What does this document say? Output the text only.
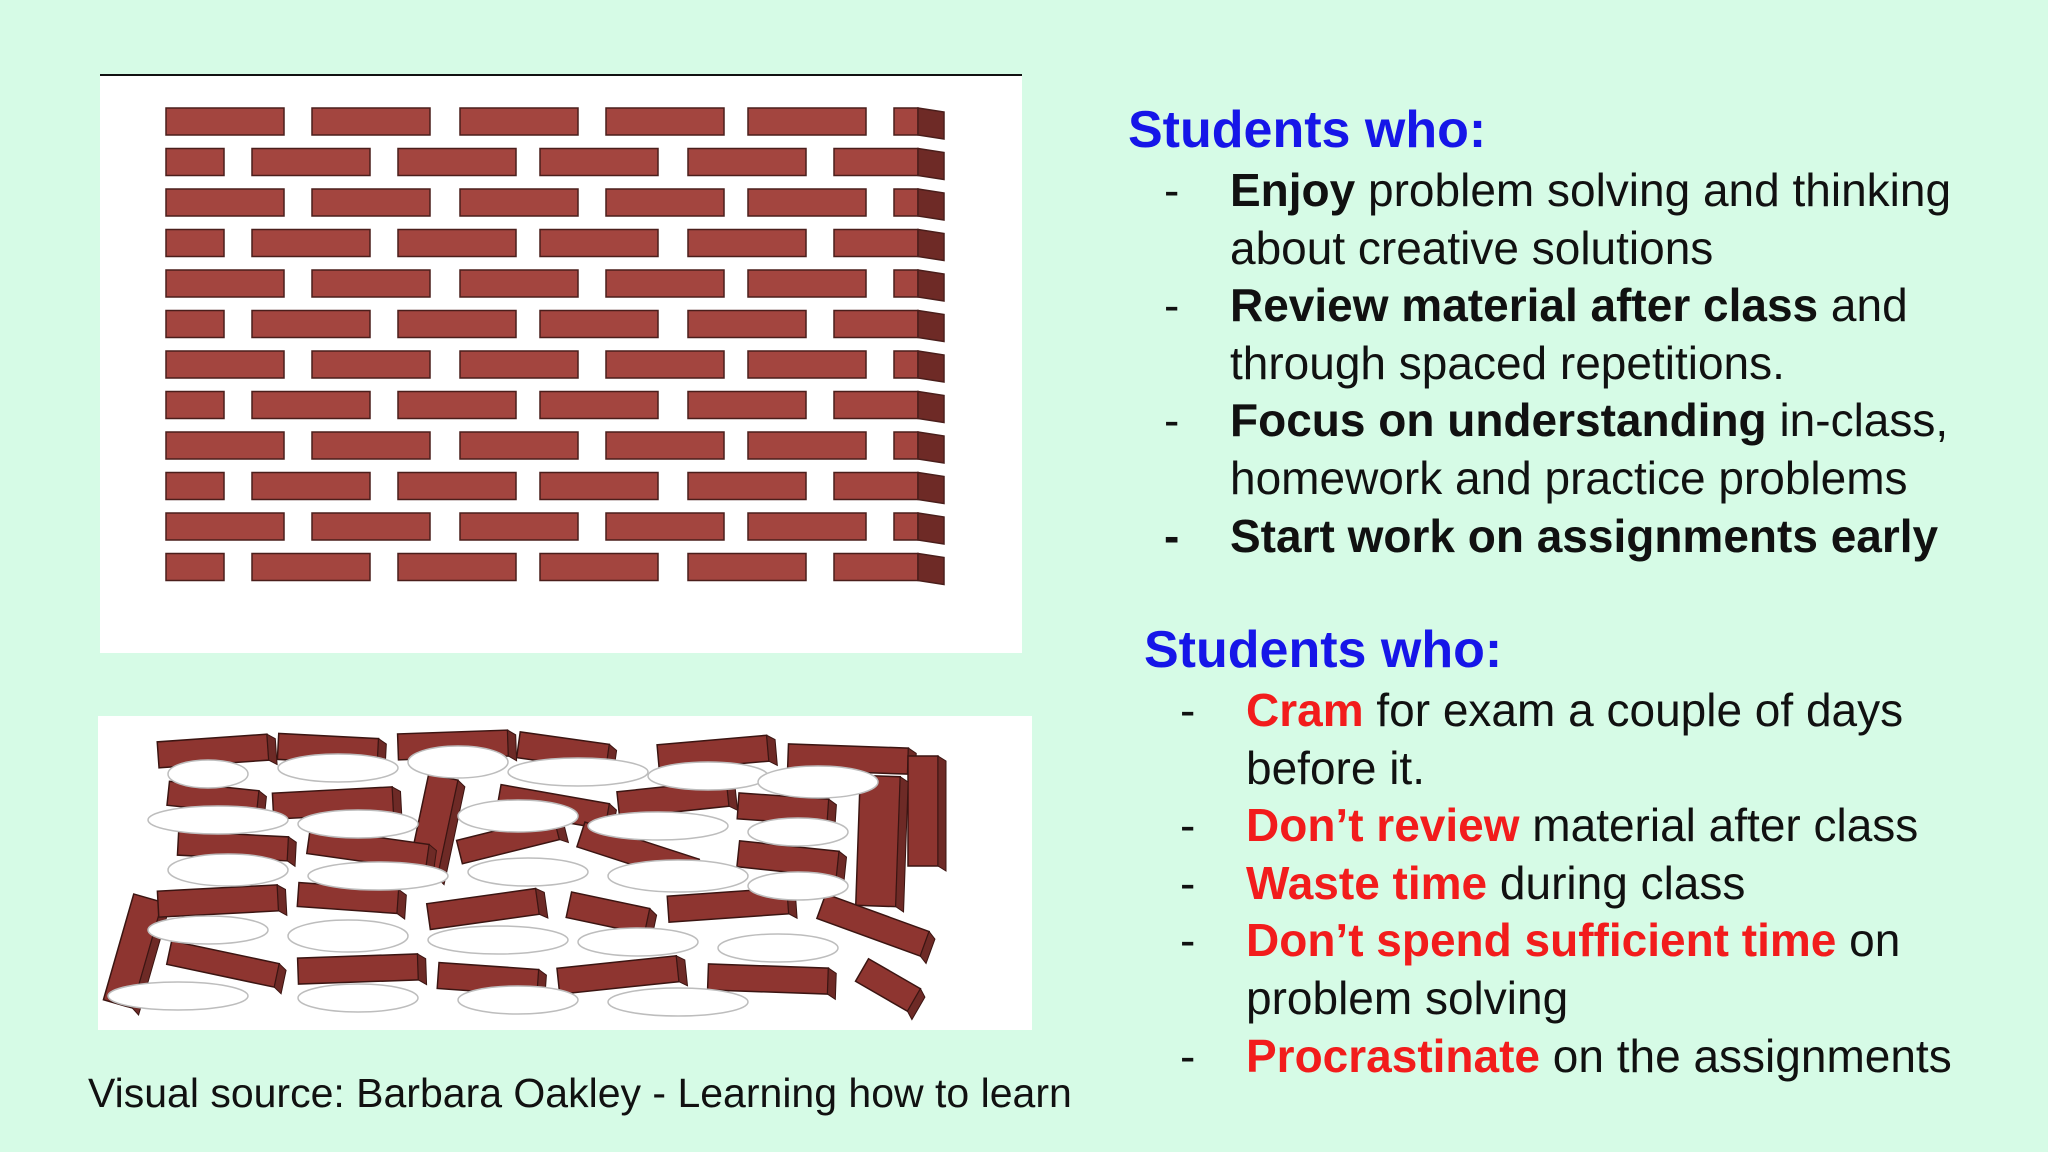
Visual source: Barbara Oakley - Learning how to learn
Students who:
- Enjoy problem solving and thinking about creative solutions
- Review material after class and through spaced repetitions.
- Focus on understanding in-class, homework and practice problems
- Start work on assignments early
Students who:
- Cram for exam a couple of days before it.
- Don’t review material after class
- Waste time during class
- Don’t spend sufficient time on problem solving
- Procrastinate on the assignments
